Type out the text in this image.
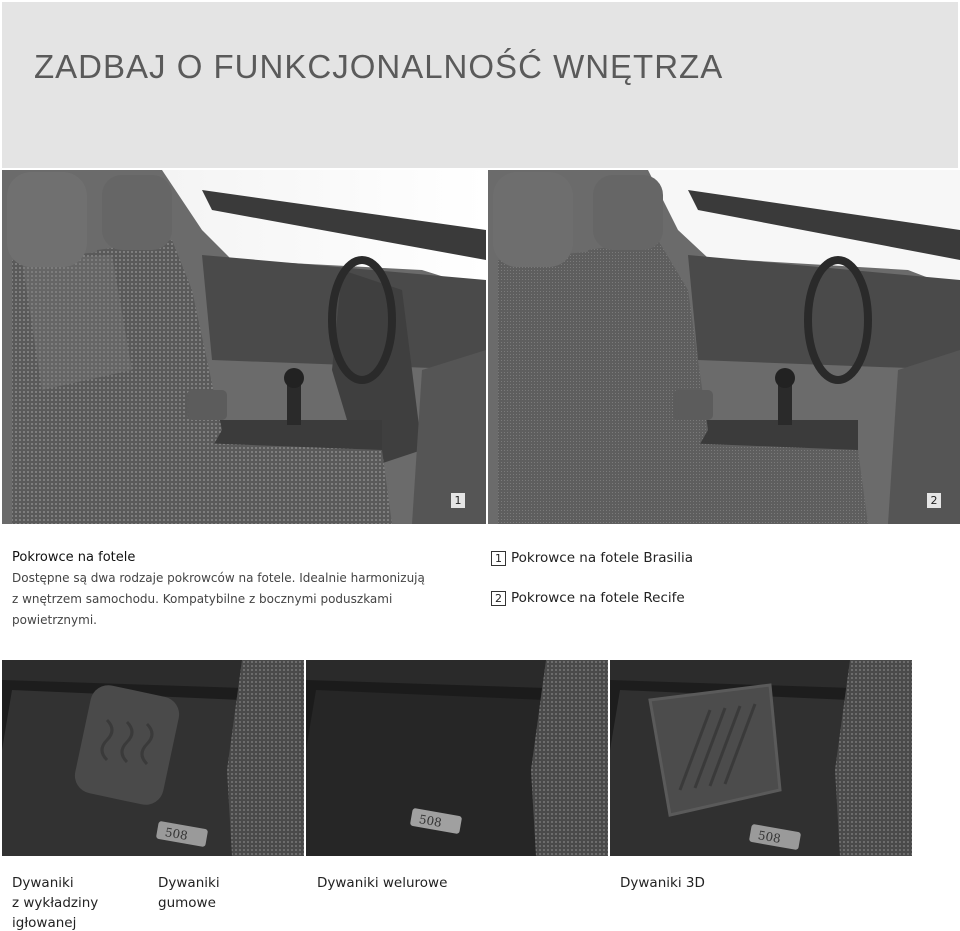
ZADBAJ O FUNKCJONALNOŚĆ WNĘTRZA
1	2
Pokrowce na fotele
Dostępne są dwa rodzaje pokrowców na fotele. Idealnie harmonizują
z wnętrzem samochodu. Kompatybilne z bocznymi poduszkami
powietrznymi.
1 Pokrowce na fotele Brasilia
2 Pokrowce na fotele Recife
508
508
508
Dywaniki
z wykładziny
igłowanej
Dywaniki
gumowe
Dywaniki welurowe	Dywaniki 3D
